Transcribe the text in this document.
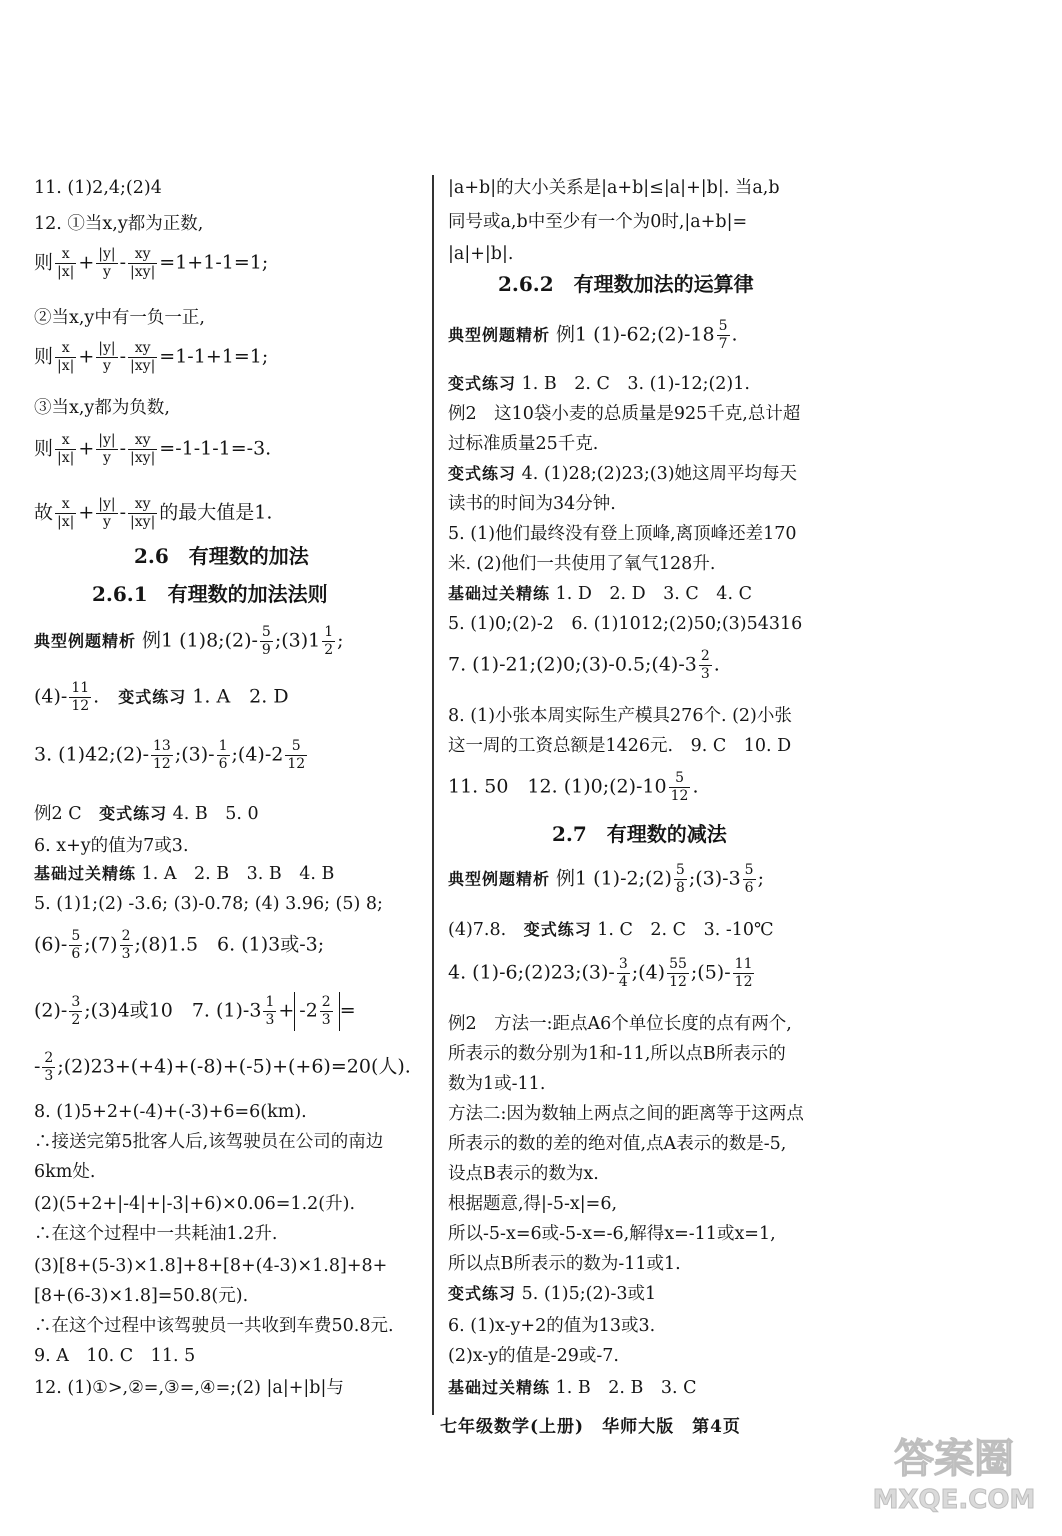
11. (1)2,4;(2)4
12. ①当x,y都为正数,
则 $\frac{x}{|x|} + \frac{|y|}{y} - \frac{xy}{|xy|} =1+1-1=1$;
②当x,y中有一负一正,
则 $\frac{x}{|x|} + \frac{|y|}{y} - \frac{xy}{|xy|} =1-1+1=1$;
③当x,y都为负数,
则 $\frac{x}{|x|} + \frac{|y|}{y} - \frac{xy}{|xy|} =-1-1-1=-3$.
故 $\frac{x}{|x|} + \frac{|y|}{y} - \frac{xy}{|xy|}$ 的最大值是1.
2.6　有理数的加法
2.6.1　有理数的加法法则
典型例题精析 例1 (1)8;(2)- $\frac{5}{9}$ ;(3)1 $\frac{1}{2}$ ;
$(4)- \frac{11}{12}$ .　变式练习 1. A　2. D
3. (1)42;(2)- $\frac{13}{12}$ ;(3)- $\frac{1}{6}$ ;(4)-2 $\frac{5}{12}$
例2 C　变式练习 4. B　5. 0
6. x+y的值为7或3.
基础过关精练 1. A　2. B　3. B　4. B
5. (1)1;(2) -3.6; (3)-0.78; (4) 3.96; (5) 8;
$(6)- \frac{5}{6}$ ;(7) $\frac{2}{3}$ ;(8)1.5　6. (1)3或-3;
$(2)- \frac{3}{2}$ ;(3)4或10　7. $(1)-3 \frac{1}{3} + -2 \frac{2}{3}$ =
- $\frac{2}{3}$ ;(2)23+(+4)+(-8)+(-5)+(+6)=20(人).
8. (1)5+2+(-4)+(-3)+6=6(km).
∴接送完第5批客人后,该驾驶员在公司的南边
6km处.
(2)(5+2+|-4|+|-3|+6)×0.06=1.2(升).
∴在这个过程中一共耗油1.2升.
(3)[8+(5-3)×1.8]+8+[8+(4-3)×1.8]+8+
[8+(6-3)×1.8]=50.8(元).
∴在这个过程中该驾驶员一共收到车费50.8元.
9. A　10. C　11. 5
12. (1)①>,②=,③=,④=;(2) |a|+|b|与
|a+b|的大小关系是|a+b|≤|a|+|b|. 当a,b
同号或a,b中至少有一个为0时,|a+b|=
|a|+|b|.
2.6.2　有理数加法的运算律
典型例题精析 例1 (1)-62;(2)-18 $\frac{5}{7}$ .
变式练习 1. B　2. C　3. (1)-12;(2)1.
例2　这10袋小麦的总质量是925千克,总计超
过标准质量25千克.
变式练习 4. (1)28;(2)23;(3)她这周平均每天
读书的时间为34分钟.
5. (1)他们最终没有登上顶峰,离顶峰还差170
米. (2)他们一共使用了氧气128升.
基础过关精练 1. D　2. D　3. C　4. C
5. (1)0;(2)-2　6. (1)1012;(2)50;(3)54316
7. (1)-21;(2)0;(3)-0.5;(4)-3 $\frac{2}{3}$ .
8. (1)小张本周实际生产模具276个. (2)小张
这一周的工资总额是1426元.　9. C　10. D
11. 50　12. (1)0;(2)-10 $\frac{5}{12}$ .
2.7　有理数的减法
典型例题精析 例1 (1)-2;(2) $\frac{5}{8}$ ;(3)-3 $\frac{5}{6}$ ;
(4)7.8.　变式练习 1. C　2. C　3. -10℃
4. (1)-6;(2)23;(3)- $\frac{3}{4}$ ;(4) $\frac{55}{12}$ ;(5)- $\frac{11}{12}$
例2　方法一:距点A6个单位长度的点有两个,
所表示的数分别为1和-11,所以点B所表示的
数为1或-11.
方法二:因为数轴上两点之间的距离等于这两点
所表示的数的差的绝对值,点A表示的数是-5,
设点B表示的数为x.
根据题意,得|-5-x|=6,
所以-5-x=6或-5-x=-6,解得x=-11或x=1,
所以点B所表示的数为-11或1.
变式练习 5. (1)5;(2)-3或1
6. (1)x-y+2的值为13或3.
(2)x-y的值是-29或-7.
基础过关精练 1. B　2. B　3. C
七年级数学(上册)　华师大版　第4页
答案圈
MXQE.COM
